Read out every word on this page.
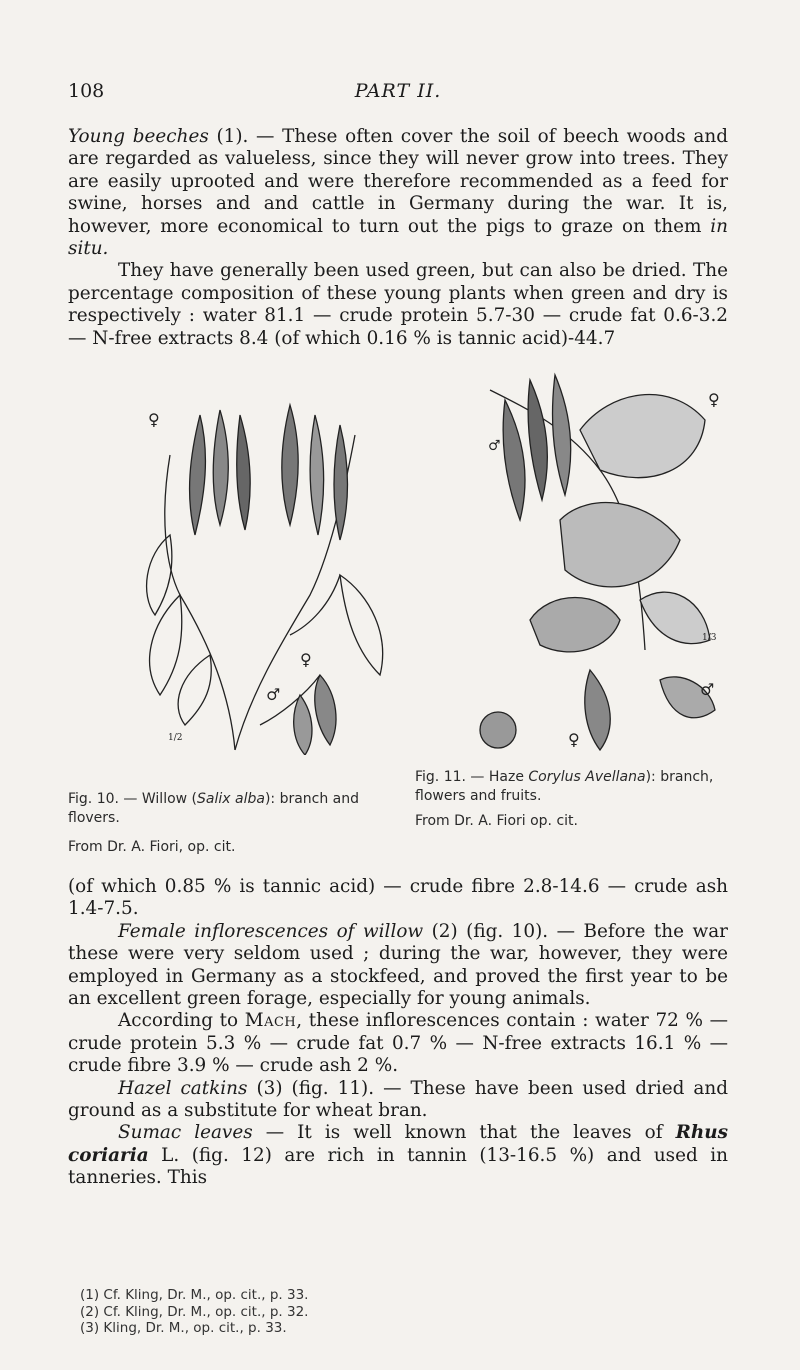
108	PART II.

Young beeches (1). — These often cover the soil of beech woods and are regarded as valueless, since they will never grow into trees. They are easily uprooted and were therefore recommended as a feed for swine, horses and and cattle in Germany during the war. It is, however, more economical to turn out the pigs to graze on them in situ.

They have generally been used green, but can also be dried. The percentage composition of these young plants when green and dry is respectively : water 81.1 — crude protein 5.7-30 — crude fat 0.6-3.2 — N-free extracts 8.4 (of which 0.16 % is tannic acid)-44.7

♀
♀
♂
1/2
♀
♂
♀
♂
1/3
Fig. 10. — Willow (Salix alba): branch and flovers.
From Dr. A. Fiori, op. cit.
Fig. 11. — Haze Corylus Avellana): branch, flowers and fruits.
From Dr. A. Fiori op. cit.

(of which 0.85 % is tannic acid) — crude fibre 2.8-14.6 — crude ash 1.4-7.5.

Female inflorescences of willow (2) (fig. 10). — Before the war these were very seldom used ; during the war, however, they were employed in Germany as a stockfeed, and proved the first year to be an excellent green forage, especially for young animals.

According to Mach, these inflorescences contain : water 72 % — crude protein 5.3 % — crude fat 0.7 % — N-free extracts 16.1 % — crude fibre 3.9 % — crude ash 2 %.

Hazel catkins (3) (fig. 11). — These have been used dried and ground as a substitute for wheat bran.

Sumac leaves — It is well known that the leaves of Rhus coriaria L. (fig. 12) are rich in tannin (13-16.5 %) and used in tanneries. This

(1) Cf. Kling, Dr. M., op. cit., p. 33.
(2) Cf. Kling, Dr. M., op. cit., p. 32.
(3) Kling, Dr. M., op. cit., p. 33.
